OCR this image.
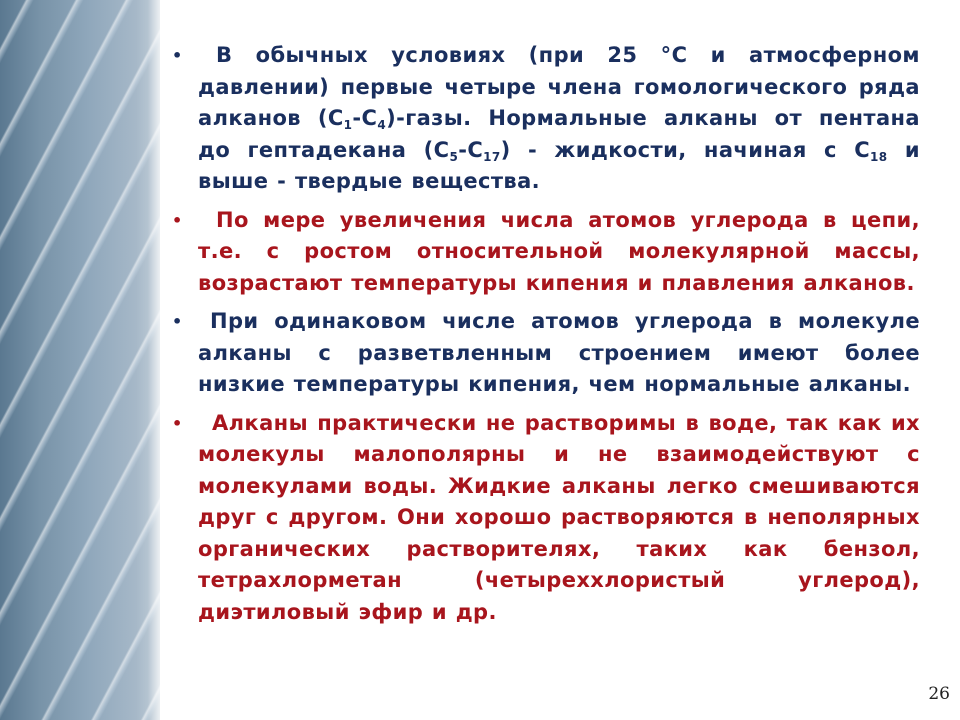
• В обычных условиях (при 25 °С и атмосферном давлении) первые четыре члена гомологического ряда алканов $(С_1-С_4)$-газы. Нормальные алканы от пентана до гептадекана $(С_5-С_{17})$ - жидкости, начиная с $С_{18}$ и выше - твердые вещества.
• По мере увеличения числа атомов углерода в цепи, т.е. с ростом относительной молекулярной массы, возрастают температуры кипения и плавления алканов.
• При одинаковом числе атомов углерода в молекуле алканы с разветвленным строением имеют более низкие температуры кипения, чем нормальные алканы.
• Алканы практически не растворимы в воде, так как их молекулы малополярны и не взаимодействуют с молекулами воды. Жидкие алканы легко смешиваются друг с другом. Они хорошо растворяются в неполярных органических растворителях, таких как бензол, тетрахлорметан (четыреххлористый углерод), диэтиловый эфир и др.
26
